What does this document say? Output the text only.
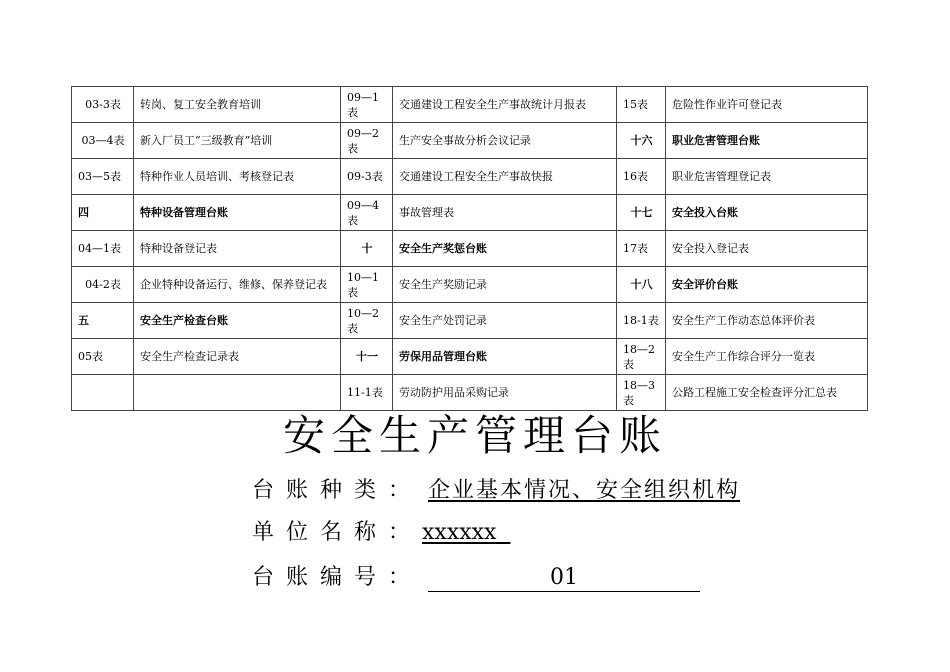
03-3表	转岗、复工安全教育培训	09—1表	交通建设工程安全生产事故统计月报表	15表	危险性作业许可登记表
03—4表	新入厂员工“三级教育”培训	09—2表	生产安全事故分析会议记录	十六	职业危害管理台账
03—5表	特种作业人员培训、考核登记表	09-3表	交通建设工程安全生产事故快报	16表	职业危害管理登记表
四	特种设备管理台账	09—4表	事故管理表	十七	安全投入台账
04—1表	特种设备登记表	十	安全生产奖惩台账	17表	安全投入登记表
04-2表	企业特种设备运行、维修、保养登记表	10—1表	安全生产奖励记录	十八	安全评价台账
五	安全生产检查台账	10—2表	安全生产处罚记录	18-1表	安全生产工作动态总体评价表
05表	安全生产检查记录表	十一	劳保用品管理台账	18—2表	安全生产工作综合评分一览表
		11-1表	劳动防护用品采购记录	18—3表	公路工程施工安全检查评分汇总表
安全生产管理台账
台账种类： 企业基本情况、安全组织机构
单位名称：xxxxxx
台账编号：	01
